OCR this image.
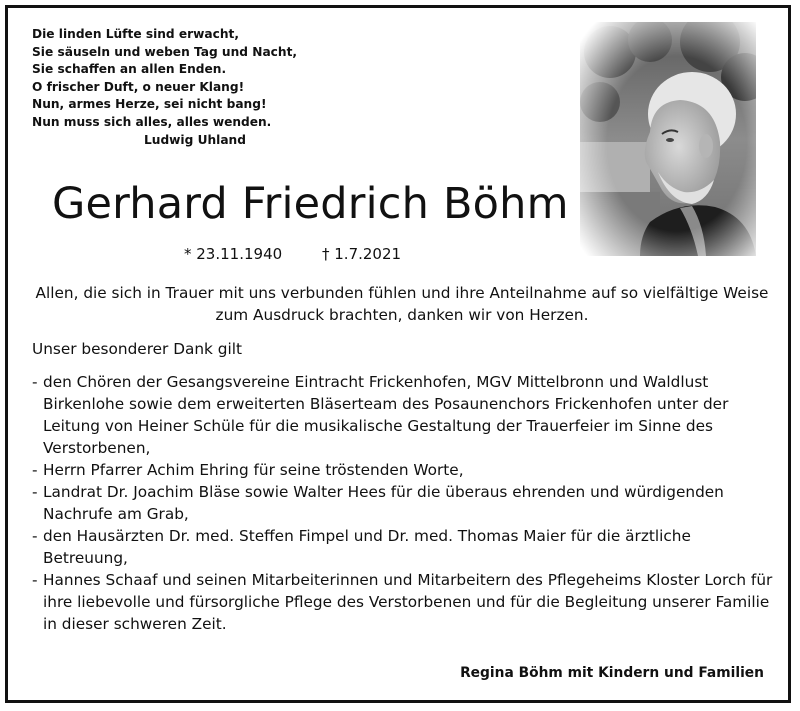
Die linden Lüfte sind erwacht,
Sie säuseln und weben Tag und Nacht,
Sie schaffen an allen Enden.
O frischer Duft, o neuer Klang!
Nun, armes Herze, sei nicht bang!
Nun muss sich alles, alles wenden.
Ludwig Uhland
Gerhard Friedrich Böhm
* 23.11.1940	† 1.7.2021
Allen, die sich in Trauer mit uns verbunden fühlen und ihre Anteilnahme auf so vielfältige Weise
zum Ausdruck brachten, danken wir von Herzen.
Unser besonderer Dank gilt
- den Chören der Gesangsvereine Eintracht Frickenhofen, MGV Mittelbronn und Waldlust
Birkenlohe sowie dem erweiterten Bläserteam des Posaunenchors Frickenhofen unter der
Leitung von Heiner Schüle für die musikalische Gestaltung der Trauerfeier im Sinne des
Verstorbenen,
- Herrn Pfarrer Achim Ehring für seine tröstenden Worte,
- Landrat Dr. Joachim Bläse sowie Walter Hees für die überaus ehrenden und würdigenden
Nachrufe am Grab,
- den Hausärzten Dr. med. Steffen Fimpel und Dr. med. Thomas Maier für die ärztliche
Betreuung,
- Hannes Schaaf und seinen Mitarbeiterinnen und Mitarbeitern des Pflegeheims Kloster Lorch für
ihre liebevolle und fürsorgliche Pflege des Verstorbenen und für die Begleitung unserer Familie
in dieser schweren Zeit.
Regina Böhm mit Kindern und Familien
